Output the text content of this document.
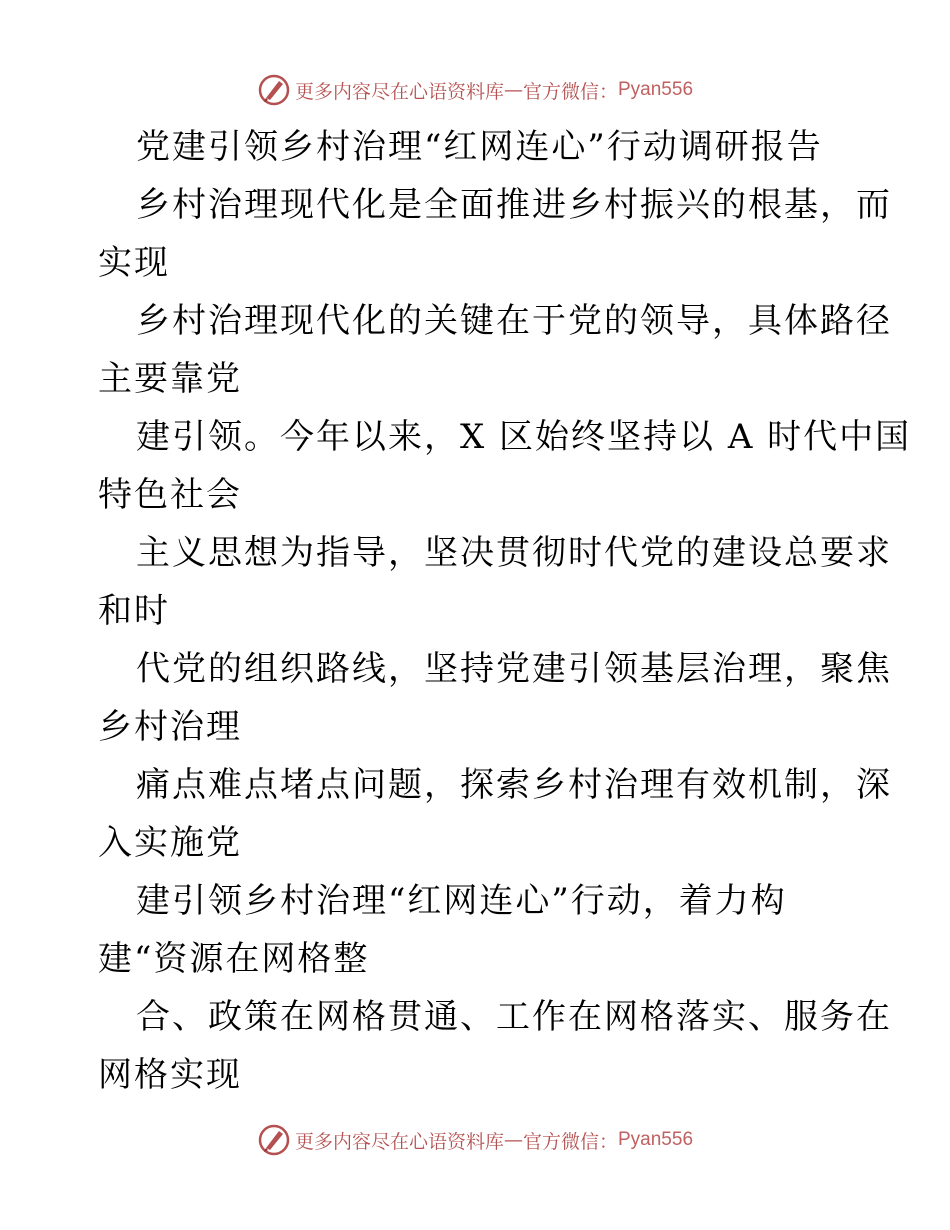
更多内容尽在心语资料库 — 官方微信： Pyan556
党建引领乡村治理“红网连心”行动调研报告
乡村治理现代化是全面推进乡村振兴的根基，而
实现
乡村治理现代化的关键在于党的领导，具体路径
主要靠党
建引领。今年以来，X 区始终坚持以 A 时代中国
特色社会
主义思想为指导，坚决贯彻时代党的建设总要求
和时
代党的组织路线，坚持党建引领基层治理，聚焦
乡村治理
痛点难点堵点问题，探索乡村治理有效机制，深
入实施党
建引领乡村治理“红网连心”行动，着力构
建“资源在网格整
合、政策在网格贯通、工作在网格落实、服务在
网格实现
更多内容尽在心语资料库 — 官方微信： Pyan556
